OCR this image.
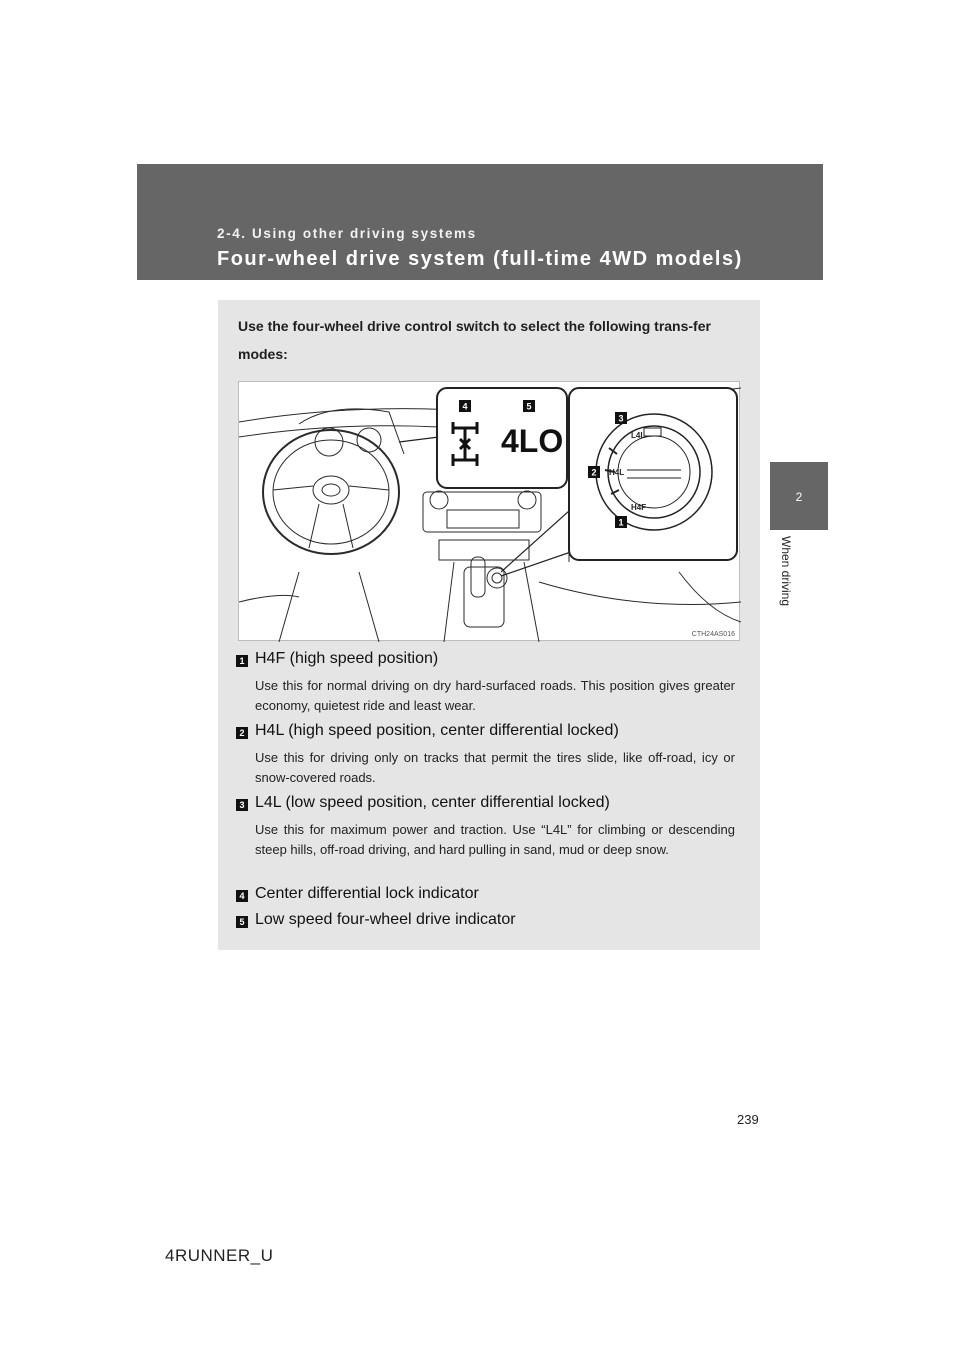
2-4. Using other driving systems
Four-wheel drive system (full-time 4WD models)
2
When driving
Use the four-wheel drive control switch to select the following trans-fer modes:
4LO	L4L
H4L
H4F
4	5
3
2
1
CTH24AS016
1 H4F (high speed position)
Use this for normal driving on dry hard-surfaced roads. This position gives greater economy, quietest ride and least wear.
2 H4L (high speed position, center differential locked)
Use this for driving only on tracks that permit the tires slide, like off-road, icy or snow-covered roads.
3 L4L (low speed position, center differential locked)
Use this for maximum power and traction. Use “L4L” for climbing or descending steep hills, off-road driving, and hard pulling in sand, mud or deep snow.
4 Center differential lock indicator
5 Low speed four-wheel drive indicator
239
4RUNNER_U
